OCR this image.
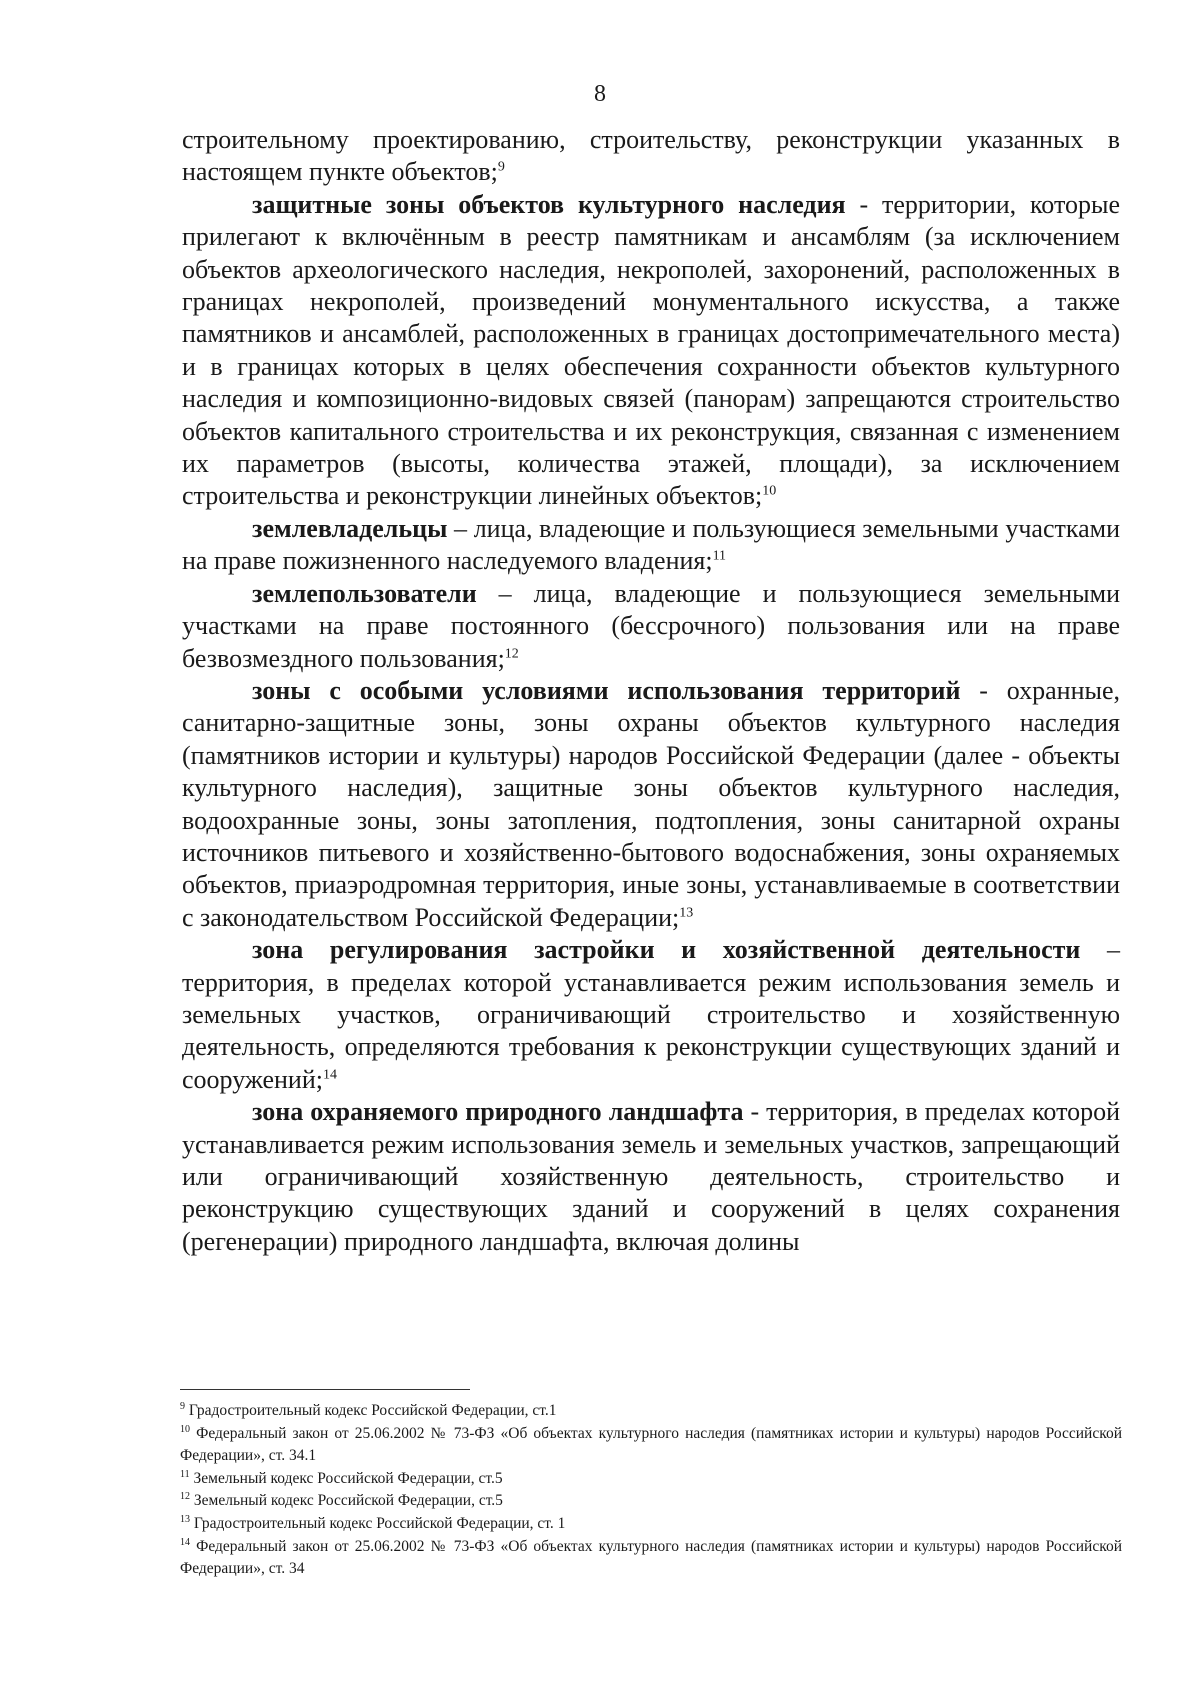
8

строительному проектированию, строительству, реконструкции указанных в настоящем пункте объектов;$^9$

защитные зоны объектов культурного наследия - территории, которые прилегают к включённым в реестр памятникам и ансамблям (за исключением объектов археологического наследия, некрополей, захоронений, расположенных в границах некрополей, произведений монументального искусства, а также памятников и ансамблей, расположенных в границах достопримечательного места) и в границах которых в целях обеспечения сохранности объектов культурного наследия и композиционно-видовых связей (панорам) запрещаются строительство объектов капитального строительства и их реконструкция, связанная с изменением их параметров (высоты, количества этажей, площади), за исключением строительства и реконструкции линейных объектов;$^{10}$

землевладельцы – лица, владеющие и пользующиеся земельными участками на праве пожизненного наследуемого владения;$^{11}$

землепользователи – лица, владеющие и пользующиеся земельными участками на праве постоянного (бессрочного) пользования или на праве безвозмездного пользования;$^{12}$

зоны с особыми условиями использования территорий - охранные, санитарно-защитные зоны, зоны охраны объектов культурного наследия (памятников истории и культуры) народов Российской Федерации (далее - объекты культурного наследия), защитные зоны объектов культурного наследия, водоохранные зоны, зоны затопления, подтопления, зоны санитарной охраны источников питьевого и хозяйственно-бытового водоснабжения, зоны охраняемых объектов, приаэродромная территория, иные зоны, устанавливаемые в соответствии с законодательством Российской Федерации;$^{13}$

зона регулирования застройки и хозяйственной деятельности – территория, в пределах которой устанавливается режим использования земель и земельных участков, ограничивающий строительство и хозяйственную деятельность, определяются требования к реконструкции существующих зданий и сооружений;$^{14}$

зона охраняемого природного ландшафта - территория, в пределах которой устанавливается режим использования земель и земельных участков, запрещающий или ограничивающий хозяйственную деятельность, строительство и реконструкцию существующих зданий и сооружений в целях сохранения (регенерации) природного ландшафта, включая долины

$^9$ Градостроительный кодекс Российской Федерации, ст.1

$^{10}$ Федеральный закон от 25.06.2002 № 73-ФЗ «Об объектах культурного наследия (памятниках истории и культуры) народов Российской Федерации», ст. 34.1

$^{11}$ Земельный кодекс Российской Федерации, ст.5

$^{12}$ Земельный кодекс Российской Федерации, ст.5

$^{13}$ Градостроительный кодекс Российской Федерации, ст. 1

$^{14}$ Федеральный закон от 25.06.2002 № 73-ФЗ «Об объектах культурного наследия (памятниках истории и культуры) народов Российской Федерации», ст. 34
